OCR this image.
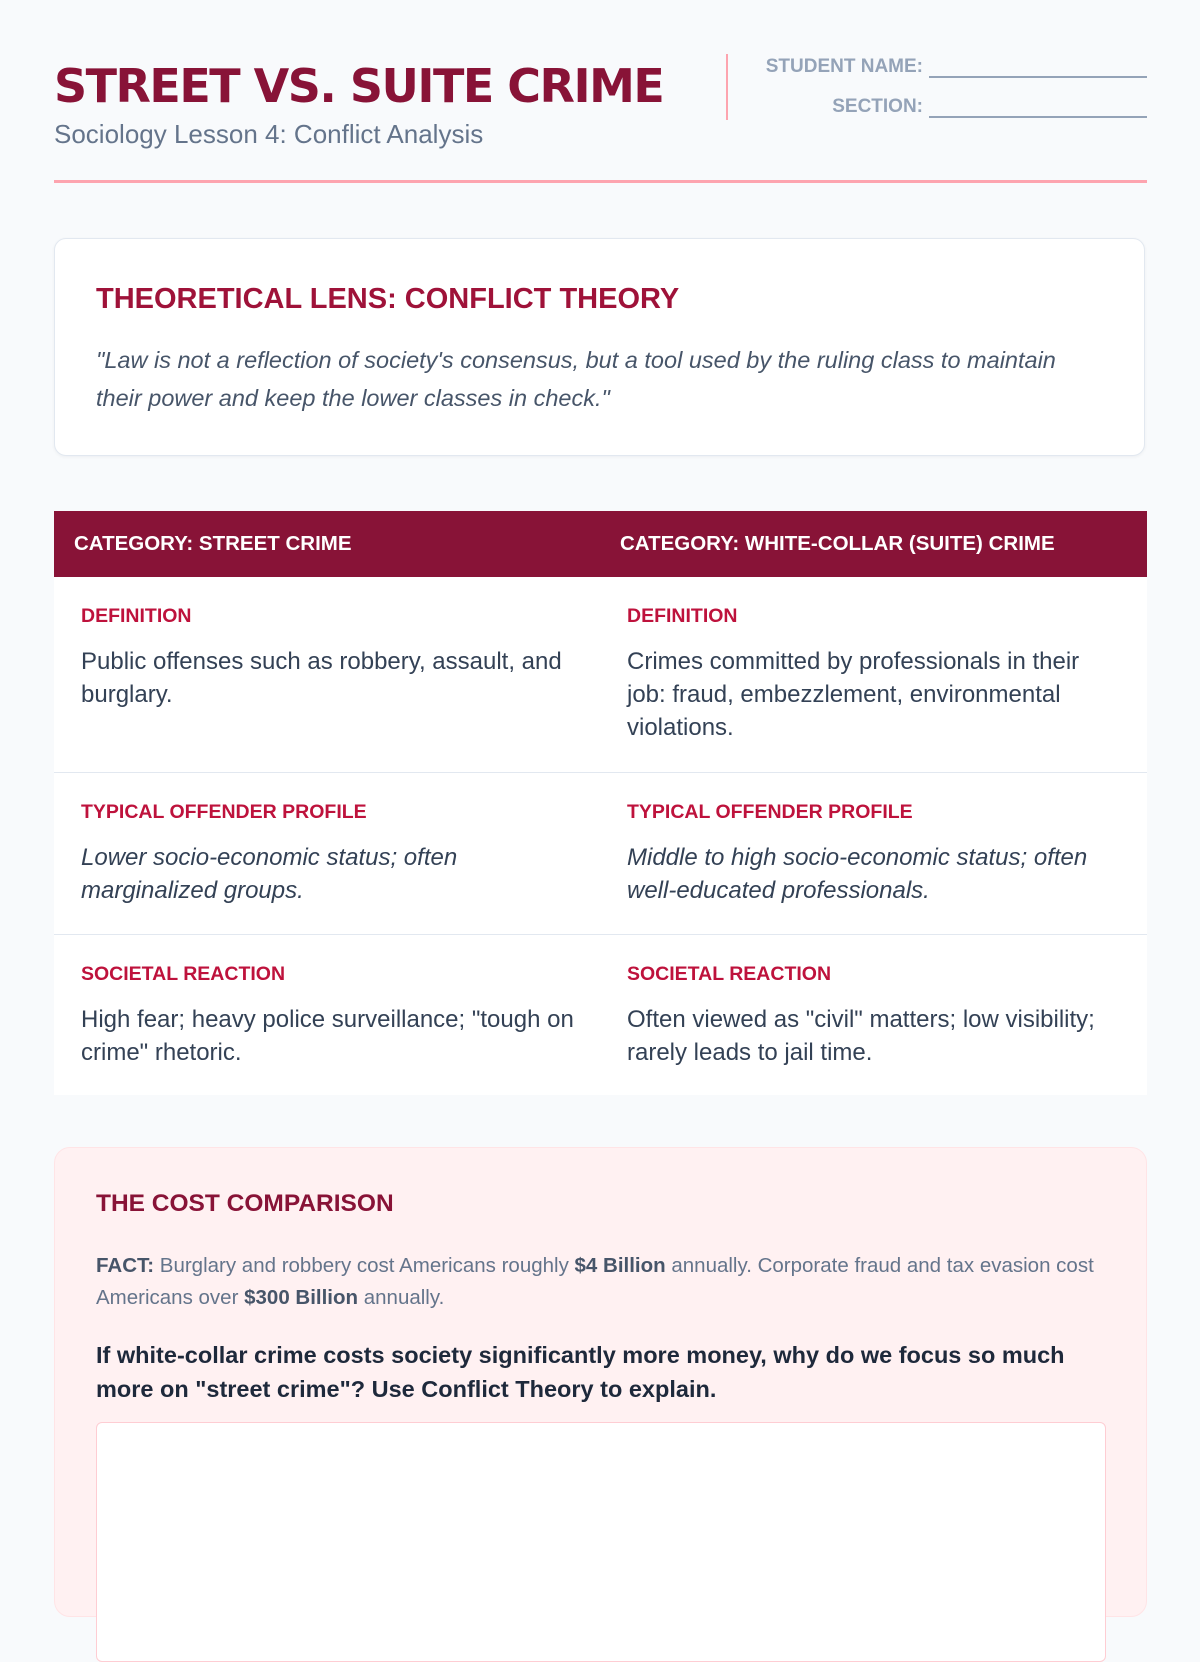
STREET VS. SUITE CRIME
Sociology Lesson 4: Conflict Analysis
STUDENT NAME:
SECTION:
THEORETICAL LENS: CONFLICT THEORY
"Law is not a reflection of society's consensus, but a tool used by the ruling class to maintain their power and keep the lower classes in check."
CATEGORY: STREET CRIME	CATEGORY: WHITE-COLLAR (SUITE) CRIME
DEFINITION
Public offenses such as robbery, assault, and burglary.
DEFINITION
Crimes committed by professionals in their job: fraud, embezzlement, environmental violations.
TYPICAL OFFENDER PROFILE
Lower socio-economic status; often marginalized groups.
TYPICAL OFFENDER PROFILE
Middle to high socio-economic status; often well-educated professionals.
SOCIETAL REACTION
High fear; heavy police surveillance; "tough on crime" rhetoric.
SOCIETAL REACTION
Often viewed as "civil" matters; low visibility; rarely leads to jail time.
THE COST COMPARISON
FACT: Burglary and robbery cost Americans roughly $4 Billion annually. Corporate fraud and tax evasion cost Americans over $300 Billion annually.
If white-collar crime costs society significantly more money, why do we focus so much more on "street crime"? Use Conflict Theory to explain.
